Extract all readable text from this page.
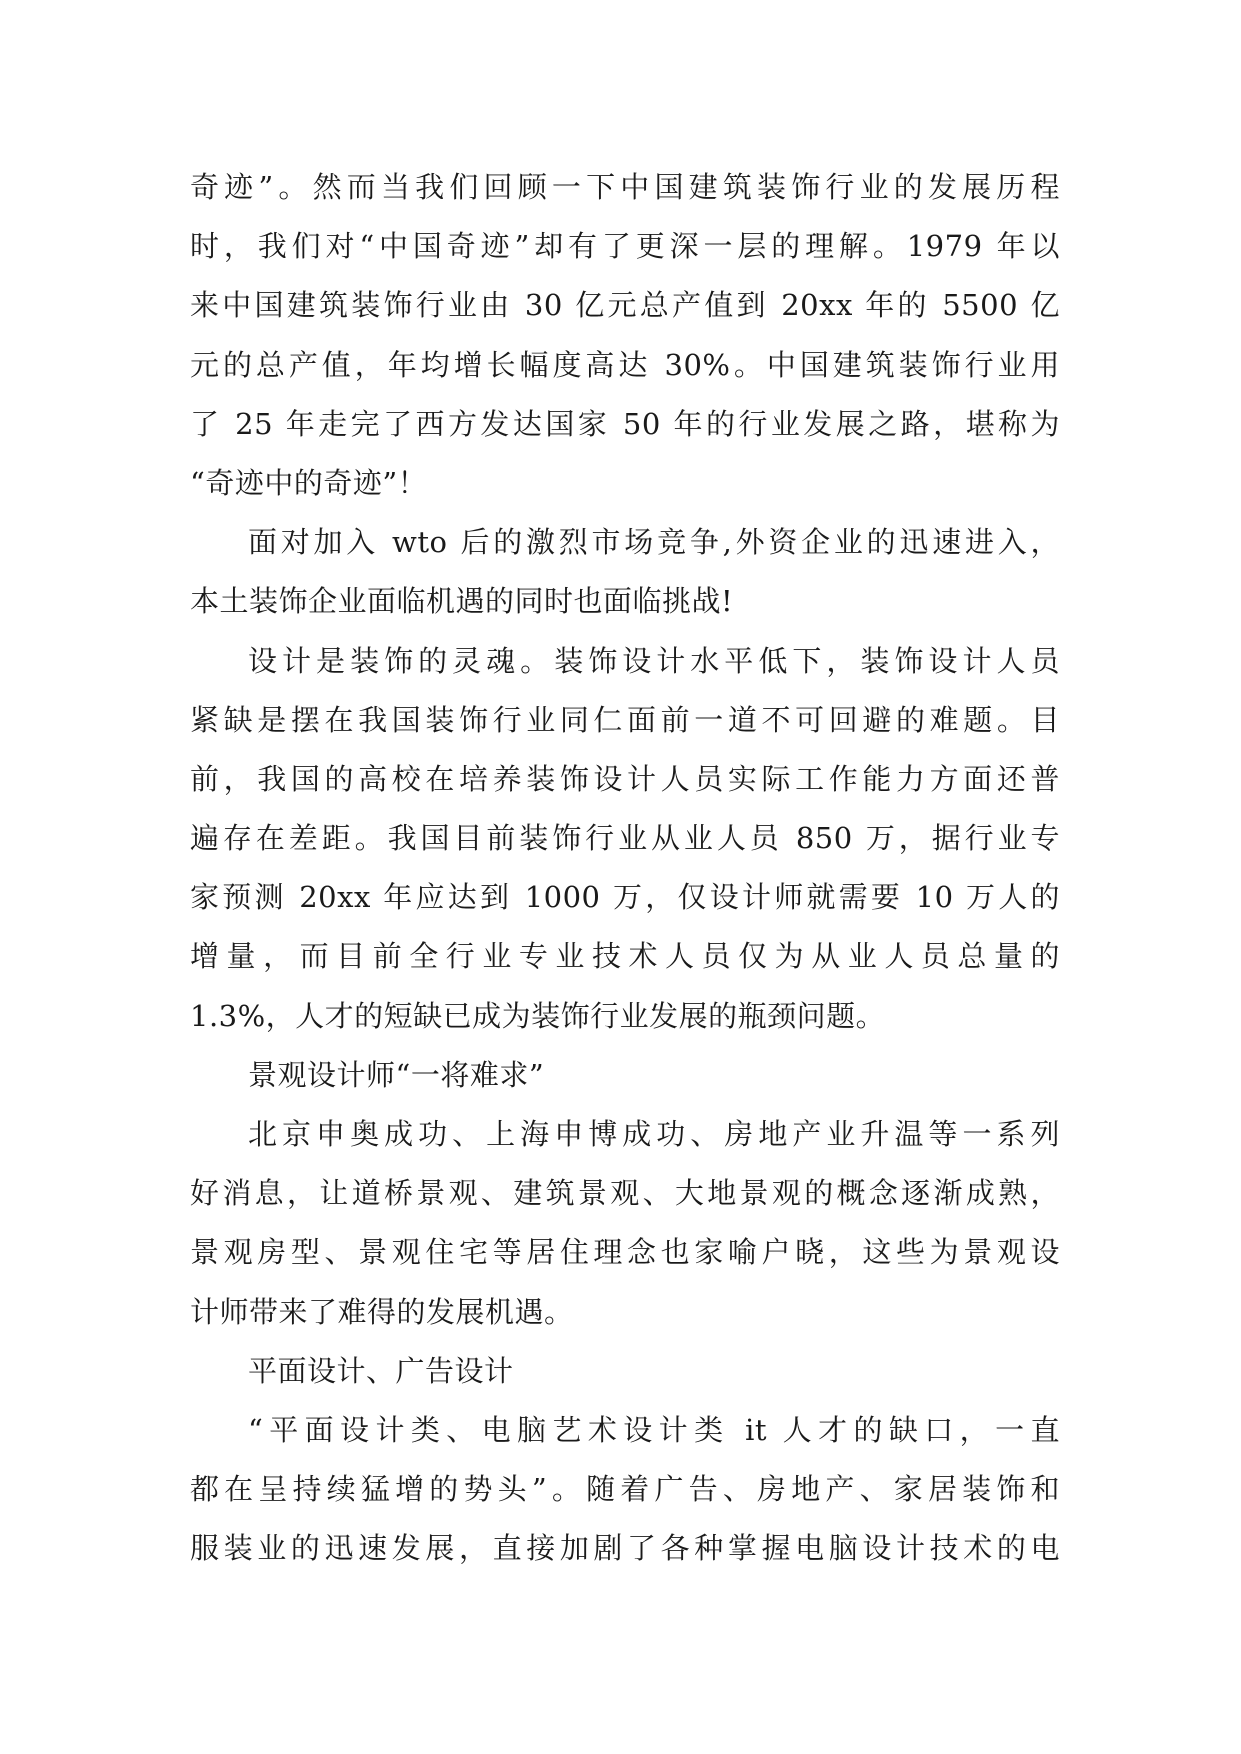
奇迹”。然而当我们回顾一下中国建筑装饰行业的发展历程
时，我们对“中国奇迹”却有了更深一层的理解。1979 年以
来中国建筑装饰行业由 30 亿元总产值到 20xx 年的 5500 亿
元的总产值，年均增长幅度高达 30%。中国建筑装饰行业用
了 25 年走完了西方发达国家 50 年的行业发展之路，堪称为
“奇迹中的奇迹”！
面对加入 wto 后的激烈市场竞争,外资企业的迅速进入，
本土装饰企业面临机遇的同时也面临挑战!
设计是装饰的灵魂。装饰设计水平低下，装饰设计人员
紧缺是摆在我国装饰行业同仁面前一道不可回避的难题。目
前，我国的高校在培养装饰设计人员实际工作能力方面还普
遍存在差距。我国目前装饰行业从业人员 850 万，据行业专
家预测 20xx 年应达到 1000 万，仅设计师就需要 10 万人的
增量，而目前全行业专业技术人员仅为从业人员总量的
1.3%，人才的短缺已成为装饰行业发展的瓶颈问题。
景观设计师“一将难求”
北京申奥成功、上海申博成功、房地产业升温等一系列
好消息，让道桥景观、建筑景观、大地景观的概念逐渐成熟，
景观房型、景观住宅等居住理念也家喻户晓，这些为景观设
计师带来了难得的发展机遇。
平面设计、广告设计
“平面设计类、电脑艺术设计类 it 人才的缺口，一直
都在呈持续猛增的势头”。随着广告、房地产、家居装饰和
服装业的迅速发展，直接加剧了各种掌握电脑设计技术的电
